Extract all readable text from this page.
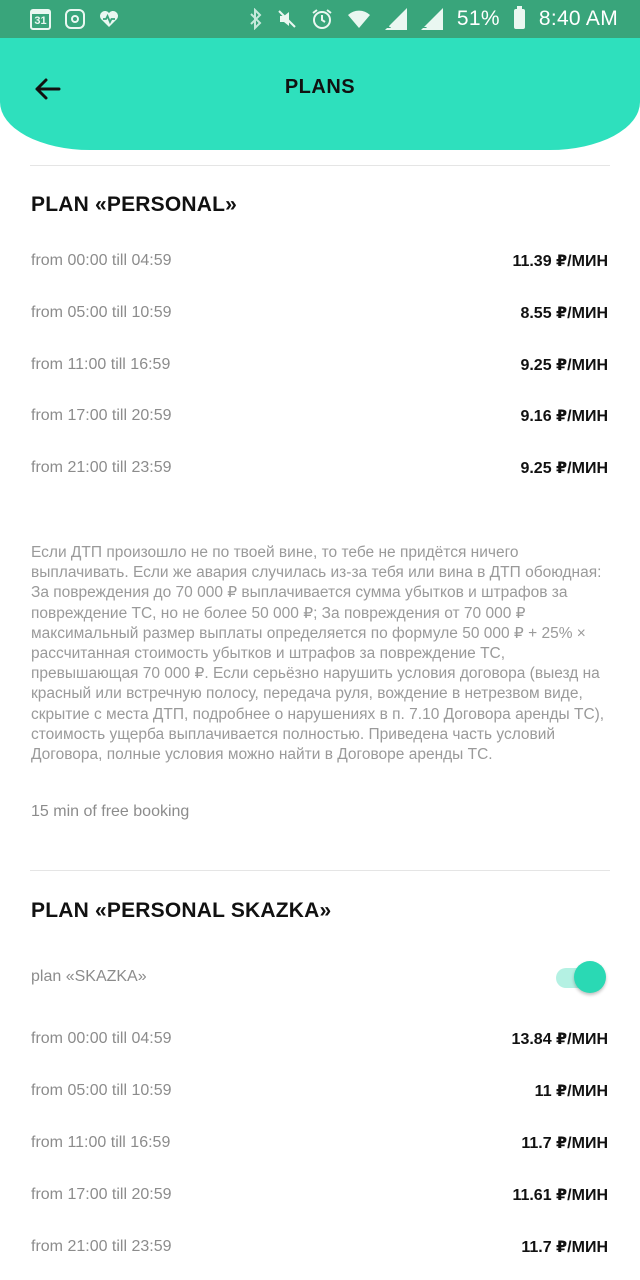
31	1	2 51% 8:40 AM
PLANS
PLAN «PERSONAL»
from 00:00 till 04:59	11.39 ₽/МИН
from 05:00 till 10:59	8.55 ₽/МИН
from 11:00 till 16:59	9.25 ₽/МИН
from 17:00 till 20:59	9.16 ₽/МИН
from 21:00 till 23:59	9.25 ₽/МИН
Если ДТП произошло не по твоей вине, то тебе не придётся ничего выплачивать. Если же авария случилась из-за тебя или вина в ДТП обоюдная: За повреждения до 70 000 ₽ выплачивается сумма убытков и штрафов за повреждение ТС, но не более 50 000 ₽; За повреждения от 70 000 ₽ максимальный размер выплаты определяется по формуле 50 000 ₽ + 25% × рассчитанная стоимость убытков и штрафов за повреждение ТС, превышающая 70 000 ₽. Если серьёзно нарушить условия договора (выезд на красный или встречную полосу, передача руля, вождение в нетрезвом виде, скрытие с места ДТП, подробнее о нарушениях в п. 7.10 Договора аренды ТС), стоимость ущерба выплачивается полностью. Приведена часть условий Договора, полные условия можно найти в Договоре аренды ТС.
15 min of free booking
PLAN «PERSONAL SKAZKA»
plan «SKAZKA»
from 00:00 till 04:59	13.84 ₽/МИН
from 05:00 till 10:59	11 ₽/МИН
from 11:00 till 16:59	11.7 ₽/МИН
from 17:00 till 20:59	11.61 ₽/МИН
from 21:00 till 23:59	11.7 ₽/МИН
